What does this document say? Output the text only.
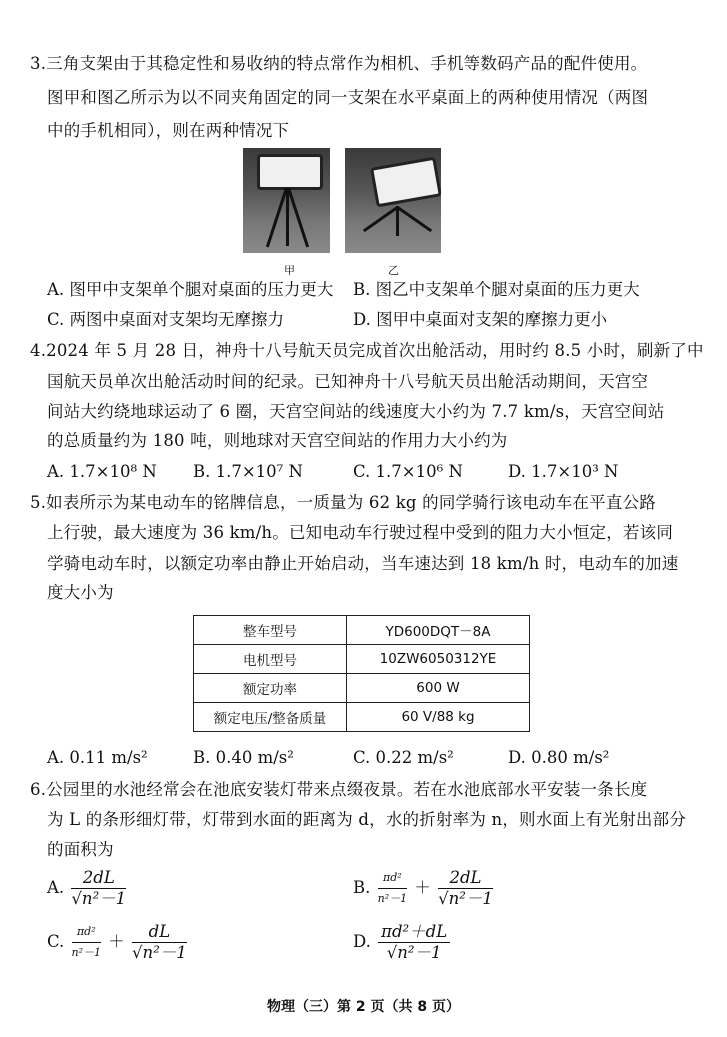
3.三角支架由于其稳定性和易收纳的特点常作为相机、手机等数码产品的配件使用。
图甲和图乙所示为以不同夹角固定的同一支架在水平桌面上的两种使用情况（两图
中的手机相同），则在两种情况下
甲	乙
A. 图甲中支架单个腿对桌面的压力更大 B. 图乙中支架单个腿对桌面的压力更大
C. 两图中桌面对支架均无摩擦力	D. 图甲中桌面对支架的摩擦力更小
4.2024 年 5 月 28 日，神舟十八号航天员完成首次出舱活动，用时约 8.5 小时，刷新了中
国航天员单次出舱活动时间的纪录。已知神舟十八号航天员出舱活动期间，天宫空
间站大约绕地球运动了 6 圈，天宫空间站的线速度大小约为 7.7 km/s，天宫空间站
的总质量约为 180 吨，则地球对天宫空间站的作用力大小约为
A. 1.7×10⁸ N B. 1.7×10⁷ N	C. 1.7×10⁶ N	D. 1.7×10³ N
5.如表所示为某电动车的铭牌信息，一质量为 62 kg 的同学骑行该电动车在平直公路
上行驶，最大速度为 36 km/h。已知电动车行驶过程中受到的阻力大小恒定，若该同
学骑电动车时，以额定功率由静止开始启动，当车速达到 18 km/h 时，电动车的加速
度大小为
整车型号	YD600DQT－8A
电机型号	10ZW6050312YE
额定功率	600 W
额定电压/整备质量	60 V/88 kg
A. 0.11 m/s²	B. 0.40 m/s²	C. 0.22 m/s²	D. 0.80 m/s²
6.公园里的水池经常会在池底安装灯带来点缀夜景。若在水池底部水平安装一条长度
为 L 的条形细灯带，灯带到水面的距离为 d，水的折射率为 n，则水面上有光射出部分
的面积为
A. $\frac{2dL}{\text{√n²－1}}$	B. $\frac{\text{πd²}}{\text{n²－1}} + \frac{2dL}{\text{√n²－1}}$
C. $\frac{\text{πd²}}{\text{n²－1}} + \frac{dL}{\text{√n²－1}}$	D. $\frac{\text{πd²＋dL}}{\text{√n²－1}}$
物理（三）第 2 页（共 8 页）
